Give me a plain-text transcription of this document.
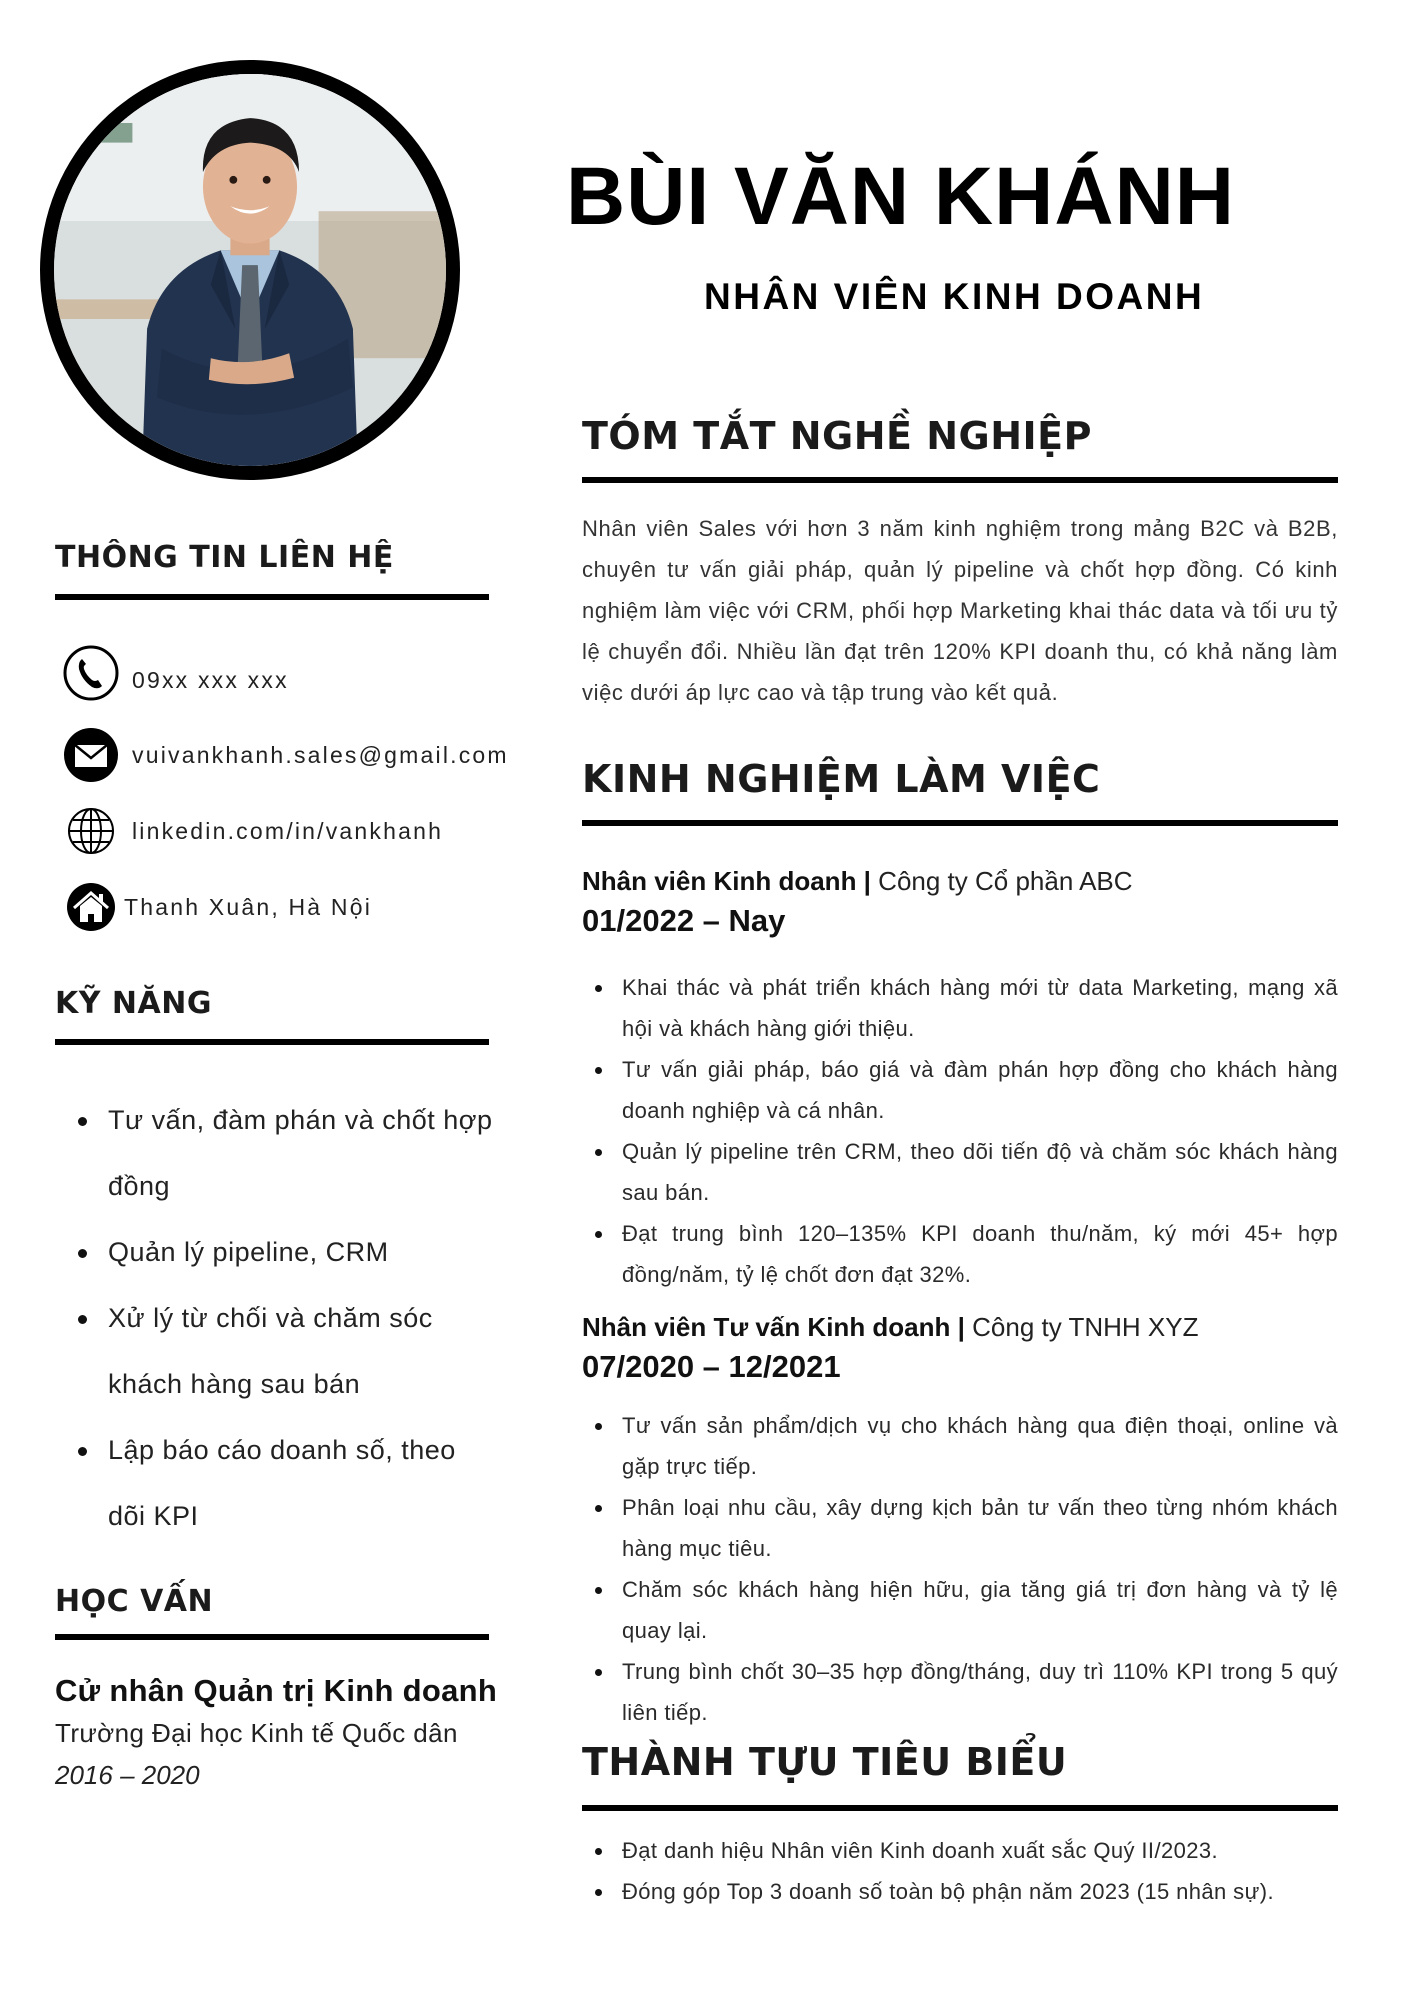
BÙI VĂN KHÁNH
NHÂN VIÊN KINH DOANH
THÔNG TIN LIÊN HỆ
09xx xxx xxx
vuivankhanh.sales@gmail.com
linkedin.com/in/vankhanh
Thanh Xuân, Hà Nội
KỸ NĂNG
Tư vấn, đàm phán và chốt hợp đồng
Quản lý pipeline, CRM
Xử lý từ chối và chăm sóc khách hàng sau bán
Lập báo cáo doanh số, theo dõi KPI
HỌC VẤN
Cử nhân Quản trị Kinh doanh
Trường Đại học Kinh tế Quốc dân
2016 – 2020
TÓM TẮT NGHỀ NGHIỆP
Nhân viên Sales với hơn 3 năm kinh nghiệm trong mảng B2C và B2B, chuyên tư vấn giải pháp, quản lý pipeline và chốt hợp đồng. Có kinh nghiệm làm việc với CRM, phối hợp Marketing khai thác data và tối ưu tỷ lệ chuyển đổi. Nhiều lần đạt trên 120% KPI doanh thu, có khả năng làm việc dưới áp lực cao và tập trung vào kết quả.
KINH NGHIỆM LÀM VIỆC
Nhân viên Kinh doanh | Công ty Cổ phần ABC
01/2022 – Nay
Khai thác và phát triển khách hàng mới từ data Marketing, mạng xã hội và khách hàng giới thiệu.
Tư vấn giải pháp, báo giá và đàm phán hợp đồng cho khách hàng doanh nghiệp và cá nhân.
Quản lý pipeline trên CRM, theo dõi tiến độ và chăm sóc khách hàng sau bán.
Đạt trung bình 120–135% KPI doanh thu/năm, ký mới 45+ hợp đồng/năm, tỷ lệ chốt đơn đạt 32%.
Nhân viên Tư vấn Kinh doanh | Công ty TNHH XYZ
07/2020 – 12/2021
Tư vấn sản phẩm/dịch vụ cho khách hàng qua điện thoại, online và gặp trực tiếp.
Phân loại nhu cầu, xây dựng kịch bản tư vấn theo từng nhóm khách hàng mục tiêu.
Chăm sóc khách hàng hiện hữu, gia tăng giá trị đơn hàng và tỷ lệ quay lại.
Trung bình chốt 30–35 hợp đồng/tháng, duy trì 110% KPI trong 5 quý liên tiếp.
THÀNH TỰU TIÊU BIỂU
Đạt danh hiệu Nhân viên Kinh doanh xuất sắc Quý II/2023.
Đóng góp Top 3 doanh số toàn bộ phận năm 2023 (15 nhân sự).
